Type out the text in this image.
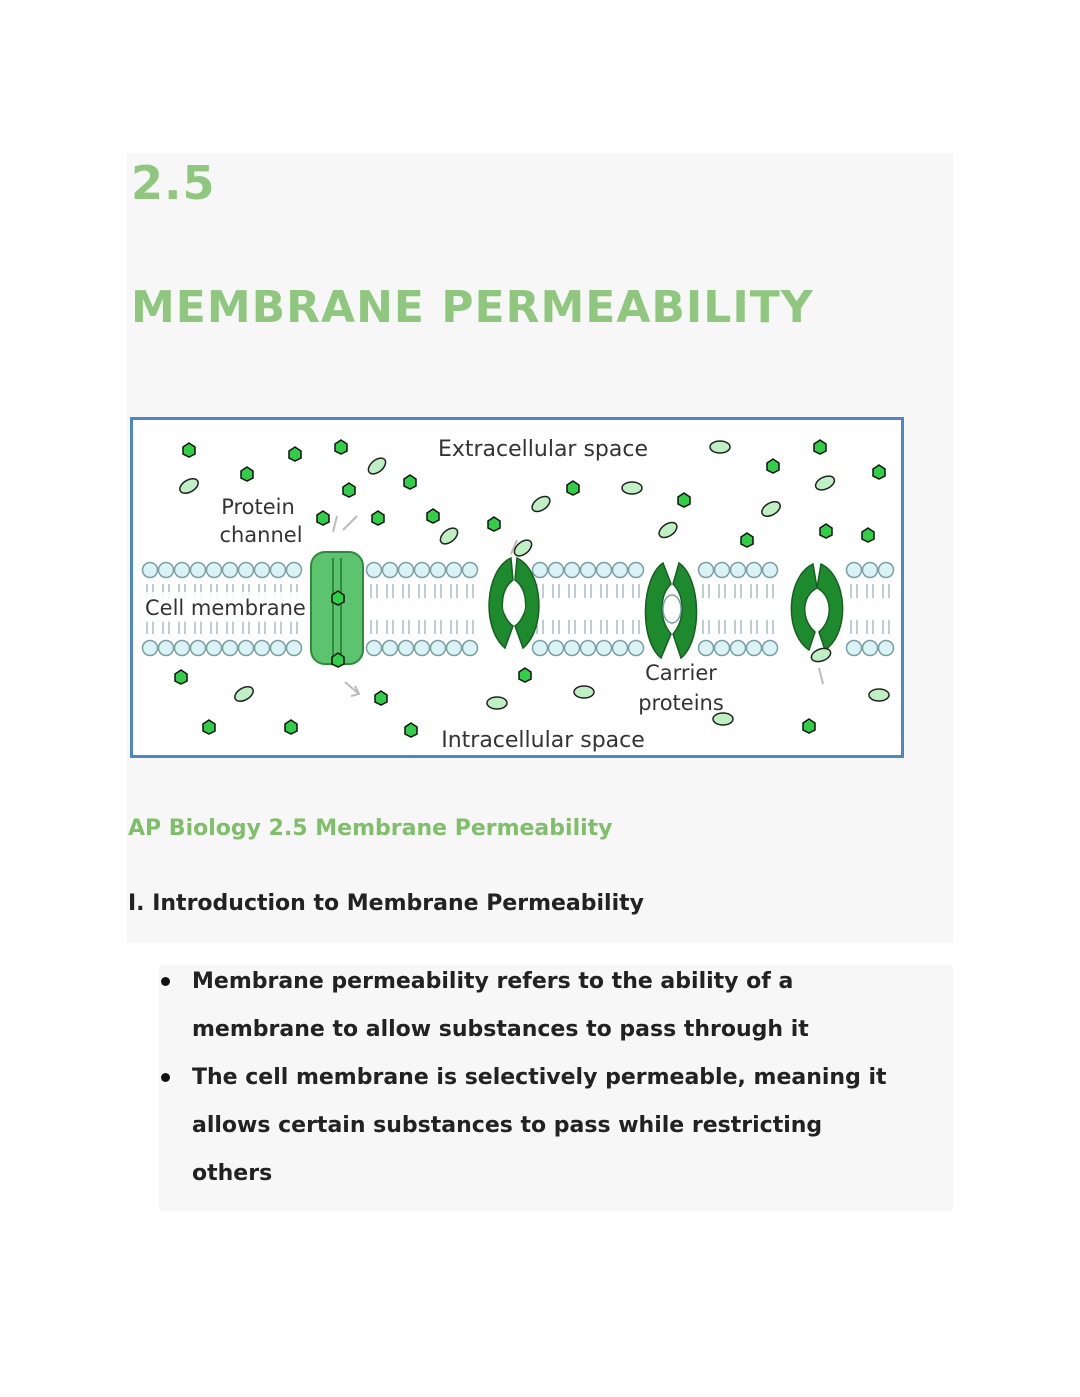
2.5
MEMBRANE PERMEABILITY
Extracellular space
Intracellular space
Protein
channel
Cell membrane
Carrier
proteins
AP Biology 2.5 Membrane Permeability
I. Introduction to Membrane Permeability
Membrane permeability refers to the ability of a
membrane to allow substances to pass through it
The cell membrane is selectively permeable, meaning it
allows certain substances to pass while restricting
others
